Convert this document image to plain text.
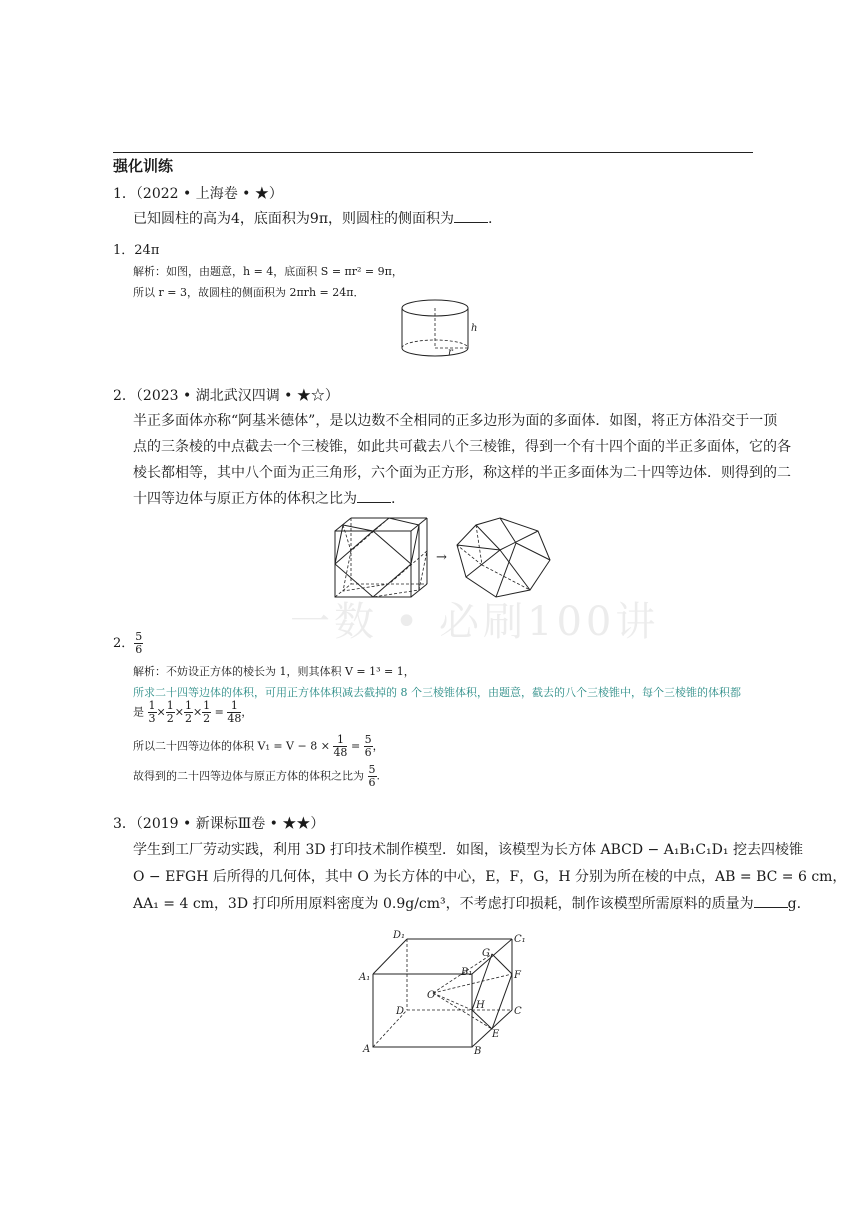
强化训练
一数 • 必刷100讲
1．（2022 • 上海卷 • ★）
已知圆柱的高为4，底面积为9π，则圆柱的侧面积为 .
1．24π
解析：如图，由题意，h = 4，底面积 S = πr² = 9π，
所以 r = 3，故圆柱的侧面积为 2πrh = 24π．
h
r
2．（2023 • 湖北武汉四调 • ★☆）
半正多面体亦称“阿基米德体”，是以边数不全相同的正多边形为面的多面体．如图，将正方体沿交于一顶
点的三条棱的中点截去一个三棱锥，如此共可截去八个三棱锥，得到一个有十四个面的半正多面体，它的各
棱长都相等，其中八个面为正三角形，六个面为正方形，称这样的半正多面体为二十四等边体．则得到的二
十四等边体与原正方体的体积之比为 .
→
2． $\frac{5}{6}$
解析：不妨设正方体的棱长为 1，则其体积 V = 1³ = 1，
所求二十四等边体的体积，可用正方体体积减去截掉的 8 个三棱锥体积，由题意，截去的八个三棱锥中，每个三棱锥的体积都
是 $\frac{1}{3} \times \frac{1}{2} \times \frac{1}{2} \times \frac{1}{2} = \frac{1}{48}$ ，
所以二十四等边体的体积 $V_1 = V - 8 \times \frac{1}{48} = \frac{5}{6}$ ，
故得到的二十四等边体与原正方体的体积之比为 $\frac{5}{6}$ .
3．（2019 • 新课标Ⅲ卷 • ★★）
学生到工厂劳动实践，利用 3D 打印技术制作模型．如图，该模型为长方体 ABCD − A₁B₁C₁D₁ 挖去四棱锥
O − EFGH 后所得的几何体，其中 O 为长方体的中心，E，F，G，H 分别为所在棱的中点，AB = BC = 6 cm，
AA₁ = 4 cm，3D 打印所用原料密度为 0.9g/cm³，不考虑打印损耗，制作该模型所需原料的质量为 g.
D₁	C₁
A₁	B₁
G
F
O
H
D	C
E
A	B
